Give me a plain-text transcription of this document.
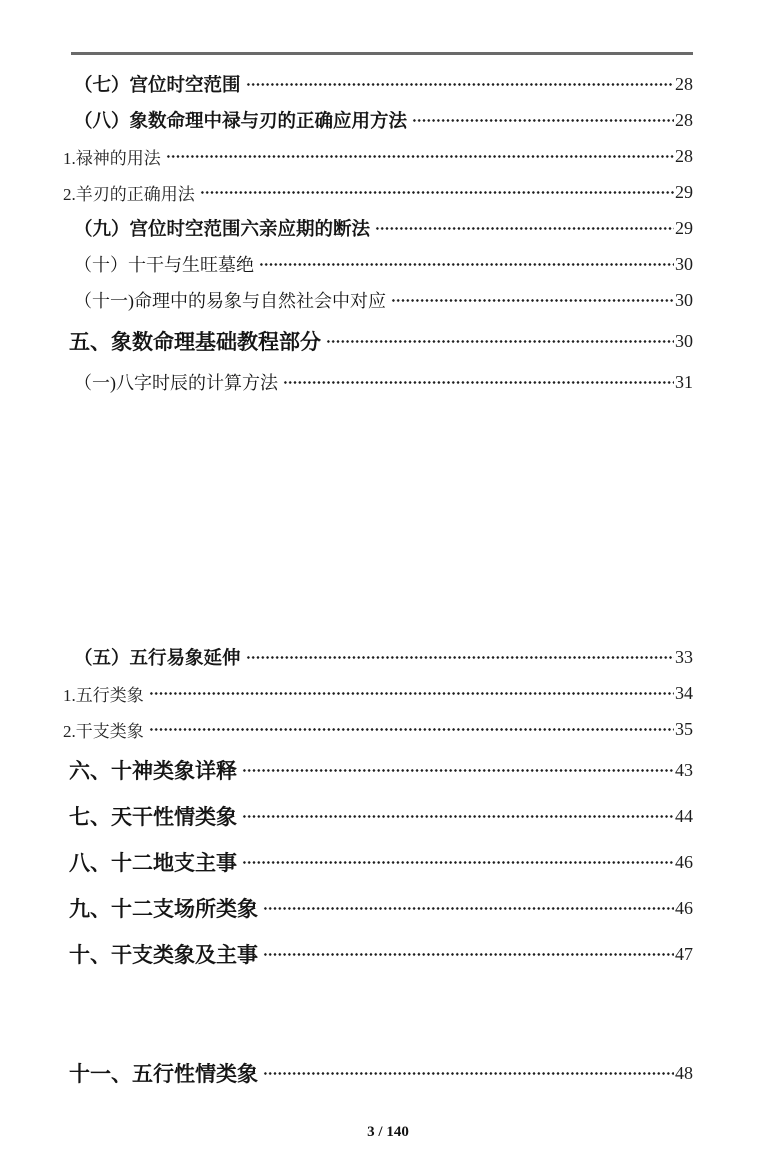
（七）宫位时空范围	28
（八）象数命理中禄与刃的正确应用方法	28
1.禄神的用法	28
2.羊刃的正确用法	29
（九）宫位时空范围六亲应期的断法	29
（十）十干与生旺墓绝	30
（十一)命理中的易象与自然社会中对应	30
五、象数命理基础教程部分	30
（一)八字时辰的计算方法	31
（五）五行易象延伸	33
1.五行类象	34
2.干支类象	35
六、十神类象详释	43
七、天干性情类象	44
八、十二地支主事	46
九、十二支场所类象	46
十、干支类象及主事	47
十一、五行性情类象	48
3 / 140
